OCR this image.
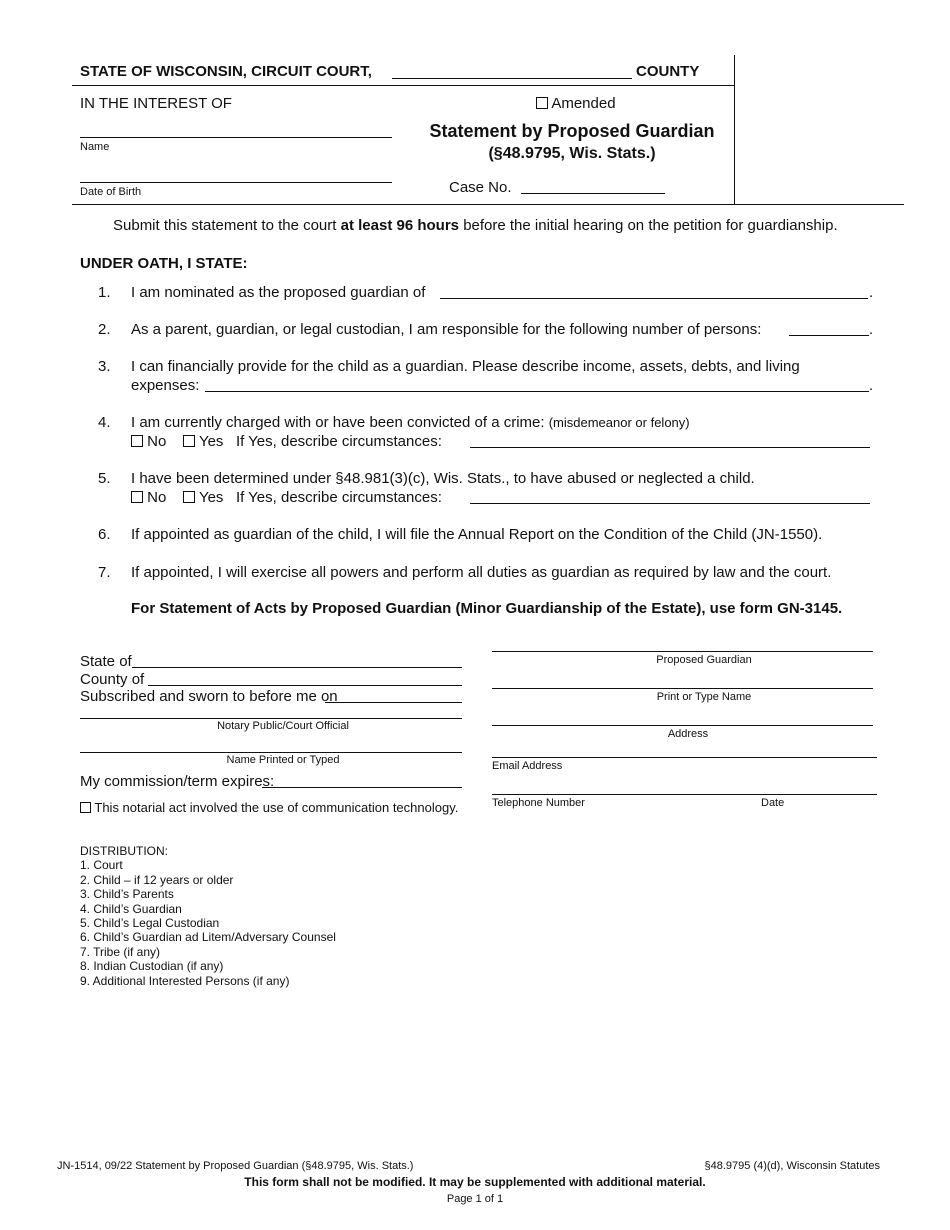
STATE OF WISCONSIN, CIRCUIT COURT,	COUNTY
IN THE INTEREST OF	Amended
Statement by Proposed Guardian
(§48.9795, Wis. Stats.)
Name
Date of Birth	Case No.
Submit this statement to the court at least 96 hours before the initial hearing on the petition for guardianship.
UNDER OATH, I STATE:
1. I am nominated as the proposed guardian of	.
2. As a parent, guardian, or legal custodian, I am responsible for the following number of persons:	.
3. I can financially provide for the child as a guardian. Please describe income, assets, debts, and living
expenses:	.
4. I am currently charged with or have been convicted of a crime: (misdemeanor or felony)
No Yes If Yes, describe circumstances:
5. I have been determined under §48.981(3)(c), Wis. Stats., to have abused or neglected a child.
No Yes If Yes, describe circumstances:
6. If appointed as guardian of the child, I will file the Annual Report on the Condition of the Child (JN-1550).
7. If appointed, I will exercise all powers and perform all duties as guardian as required by law and the court.
For Statement of Acts by Proposed Guardian (Minor Guardianship of the Estate), use form GN-3145.
State of
County of
Subscribed and sworn to before me on
Notary Public/Court Official
Name Printed or Typed
My commission/term expires:
This notarial act involved the use of communication technology.
Proposed Guardian
Print or Type Name
Address
Email Address
Telephone Number	Date
DISTRIBUTION:
1. Court
2. Child – if 12 years or older
3. Child’s Parents
4. Child’s Guardian
5. Child’s Legal Custodian
6. Child’s Guardian ad Litem/Adversary Counsel
7. Tribe (if any)
8. Indian Custodian (if any)
9. Additional Interested Persons (if any)
JN-1514, 09/22 Statement by Proposed Guardian (§48.9795, Wis. Stats.)	§48.9795 (4)(d), Wisconsin Statutes
This form shall not be modified. It may be supplemented with additional material.
Page 1 of 1
